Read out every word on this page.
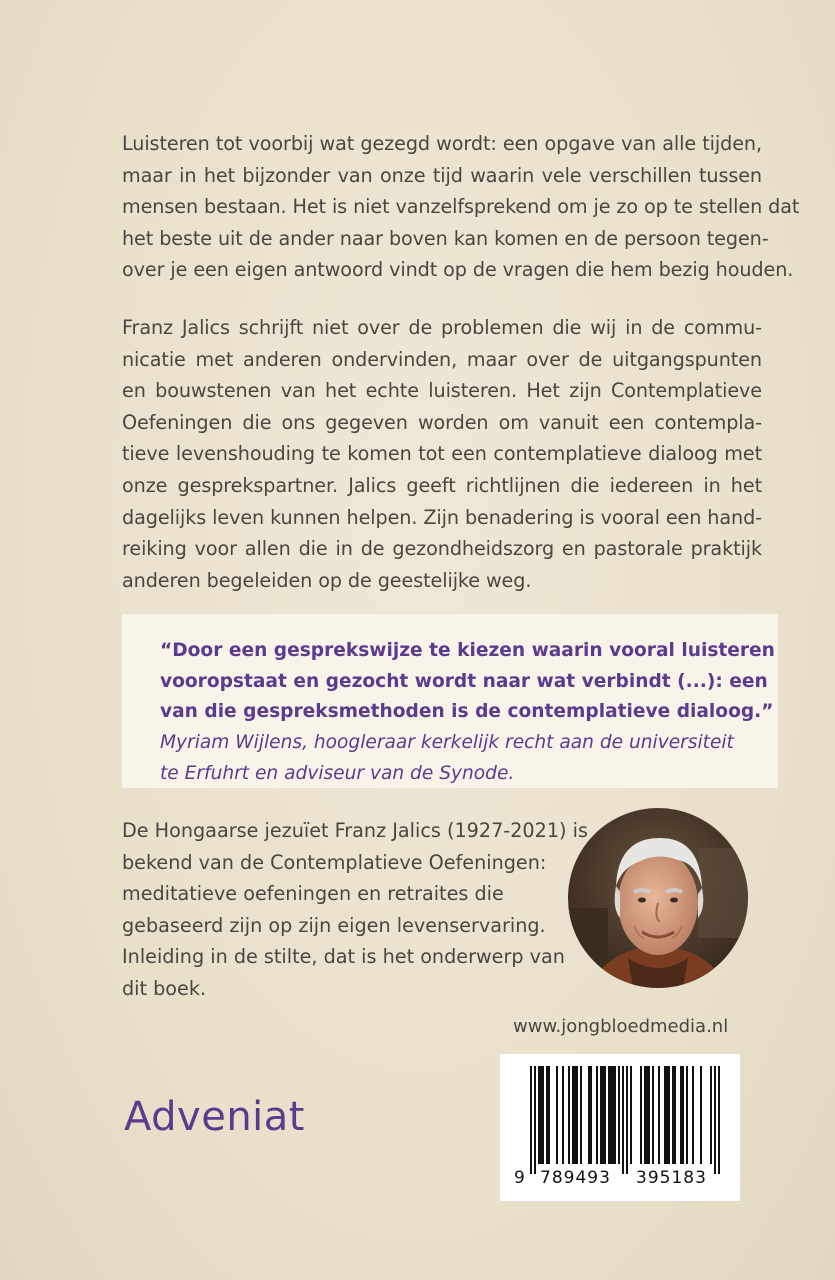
Luisteren tot voorbij wat gezegd wordt: een opgave van alle tijden,
maar in het bijzonder van onze tijd waarin vele verschillen tussen
mensen bestaan. Het is niet vanzelfsprekend om je zo op te stellen dat
het beste uit de ander naar boven kan komen en de persoon tegen-
over je een eigen antwoord vindt op de vragen die hem bezig houden.
Franz Jalics schrijft niet over de problemen die wij in de commu-
nicatie met anderen ondervinden, maar over de uitgangspunten
en bouwstenen van het echte luisteren. Het zijn Contemplatieve
Oefeningen die ons gegeven worden om vanuit een contempla-
tieve levenshouding te komen tot een contemplatieve dialoog met
onze gesprekspartner. Jalics geeft richtlijnen die iedereen in het
dagelijks leven kunnen helpen. Zijn benadering is vooral een hand-
reiking voor allen die in de gezondheidszorg en pastorale praktijk
anderen begeleiden op de geestelijke weg.
“Door een gesprekswijze te kiezen waarin vooral luisteren
vooropstaat en gezocht wordt naar wat verbindt (...): een
van die gespreksmethoden is de contemplatieve dialoog.”
Myriam Wijlens, hoogleraar kerkelijk recht aan de universiteit
te Erfuhrt en adviseur van de Synode.
De Hongaarse jezuïet Franz Jalics (1927-2021) is
bekend van de Contemplatieve Oefeningen:
meditatieve oefeningen en retraites die
gebaseerd zijn op zijn eigen levenservaring.
Inleiding in de stilte, dat is het onderwerp van
dit boek.
www.jongbloedmedia.nl
Adveniat
9 789493 395183
